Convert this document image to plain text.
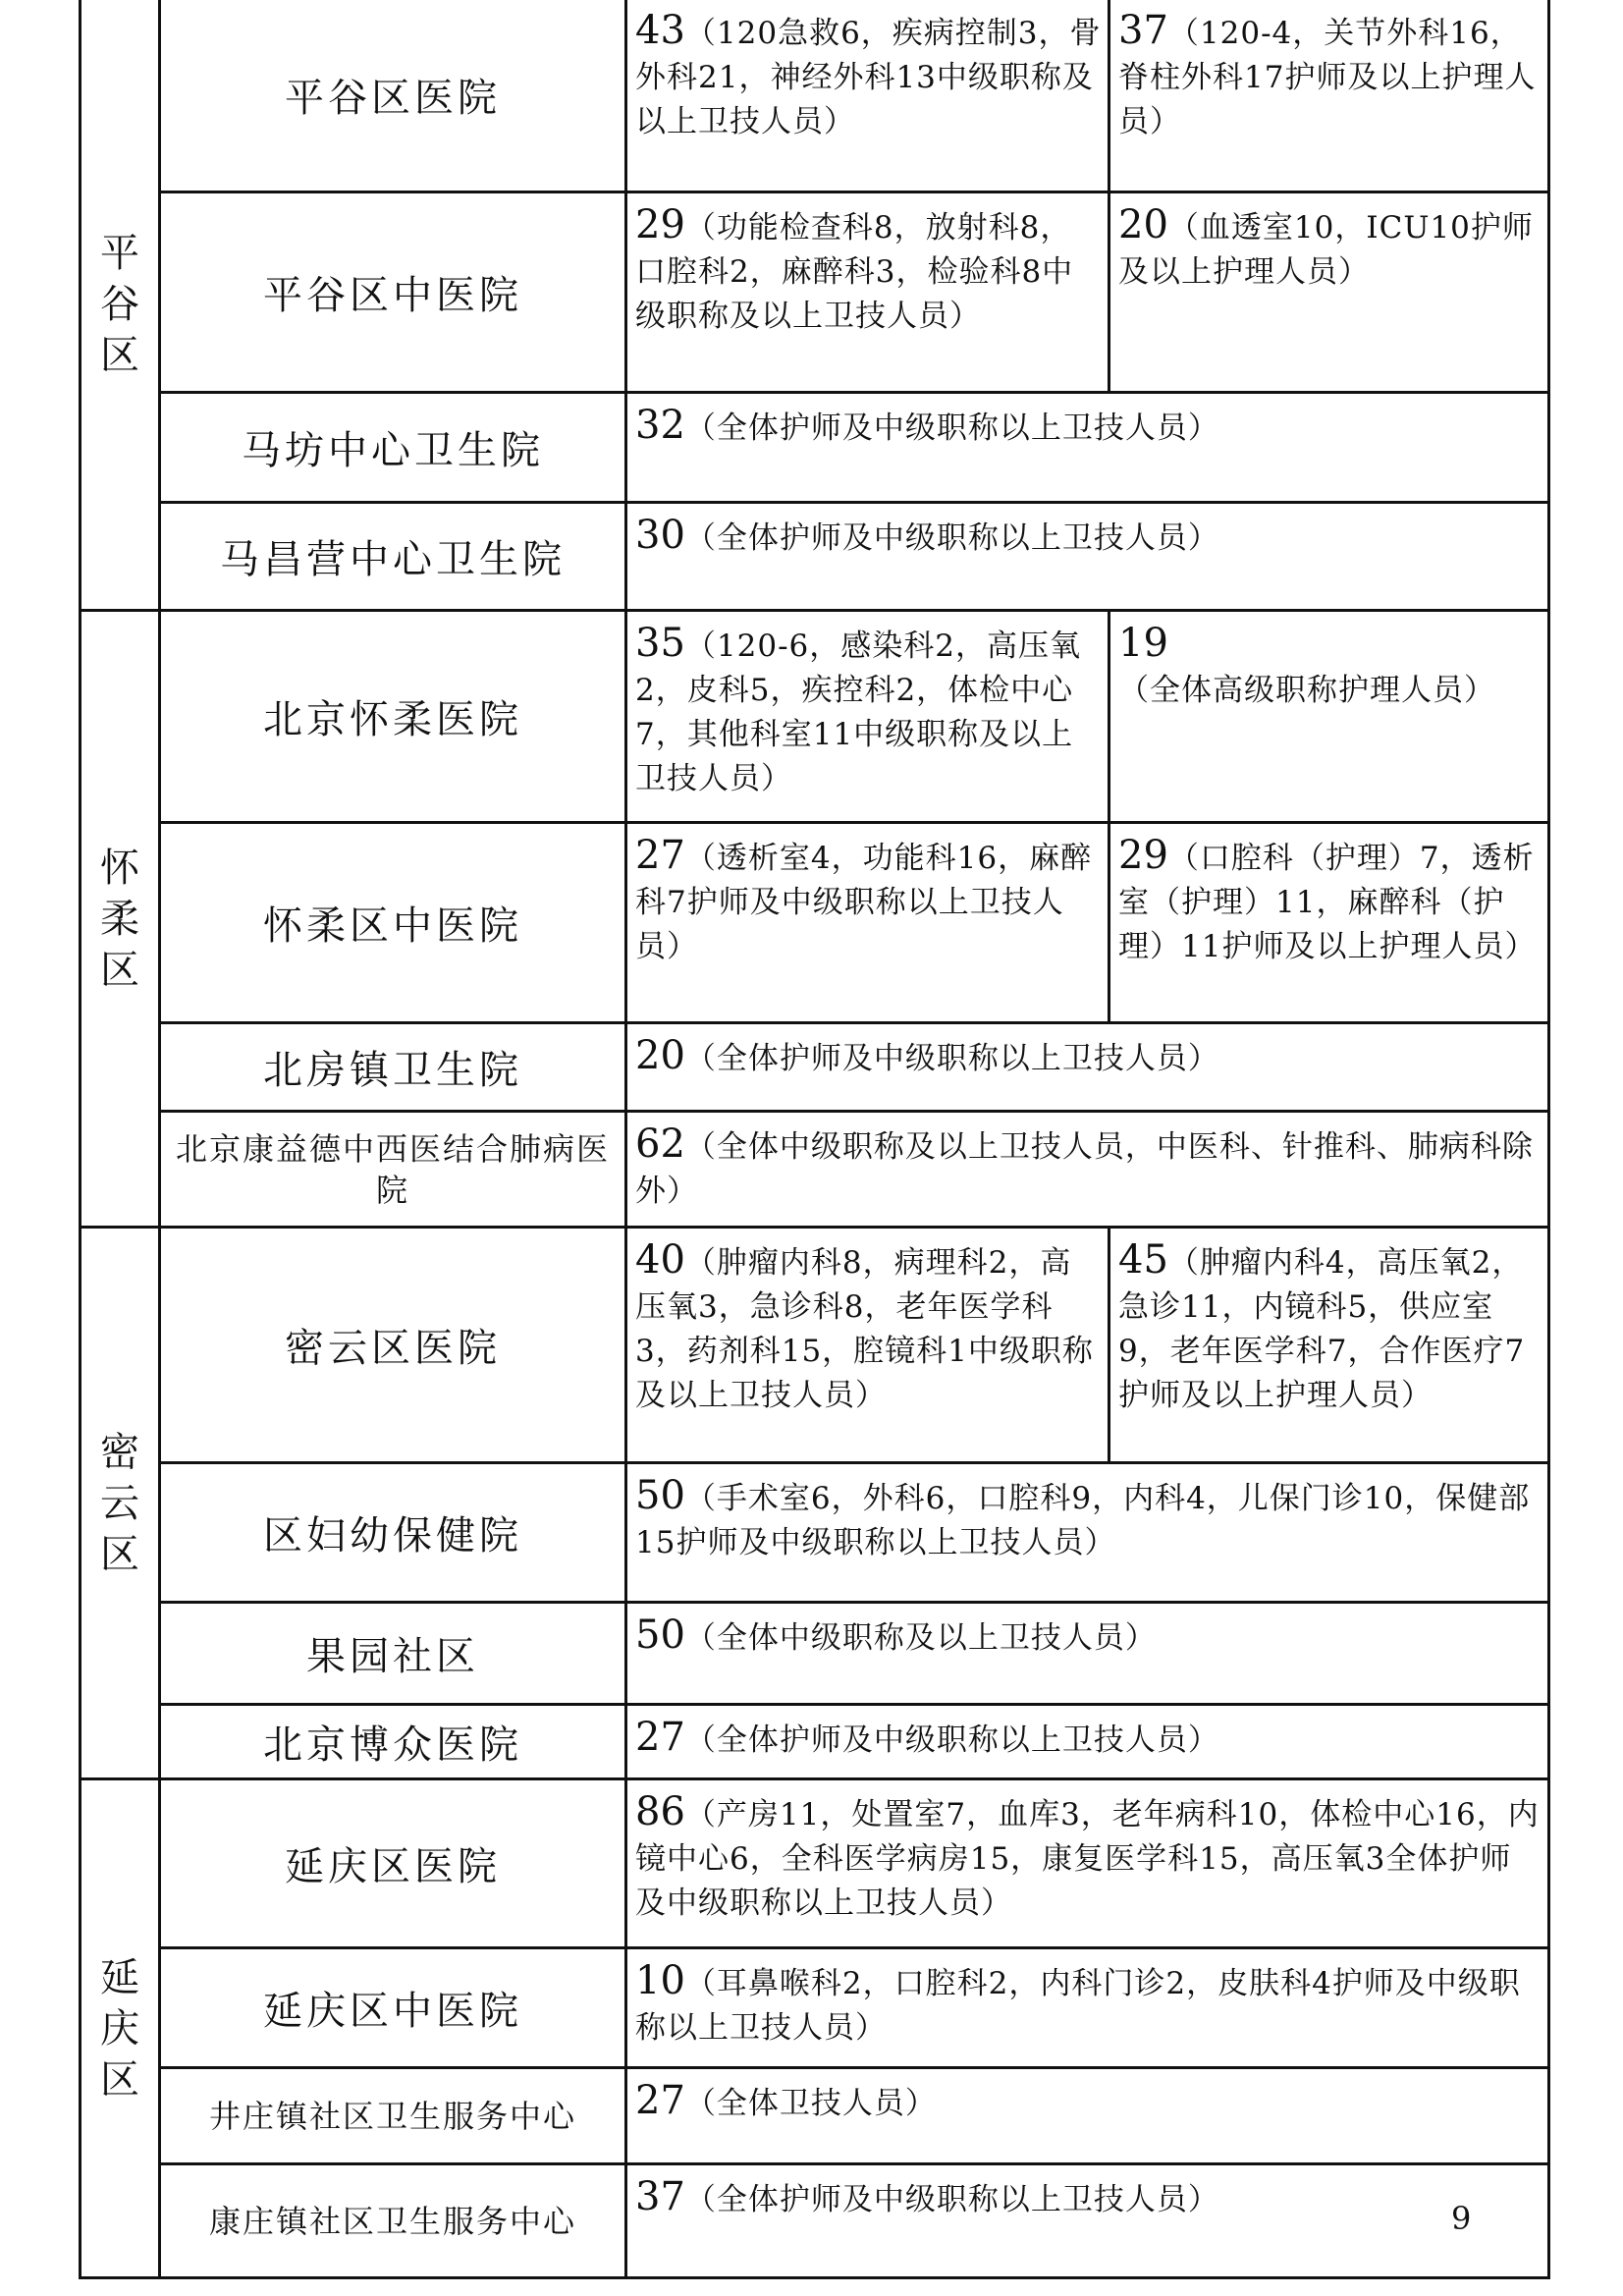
平
谷
区	平谷区医院	43（120急救6，疾病控制3，骨外科21，神经外科13中级职称及以上卫技人员）	37（120-4，关节外科16，脊柱外科17护师及以上护理人员）
	平谷区中医院	29（功能检查科8，放射科8，口腔科2，麻醉科3，检验科8中级职称及以上卫技人员）	20（血透室10，ICU10护师及以上护理人员）
	马坊中心卫生院	32（全体护师及中级职称以上卫技人员）	
	马昌营中心卫生院	30（全体护师及中级职称以上卫技人员）	

怀
柔
区	北京怀柔医院	35（120-6，感染科2，高压氧2，皮科5，疾控科2，体检中心7，其他科室11中级职称及以上卫技人员）	19（全体高级职称护理人员）
	怀柔区中医院	27（透析室4，功能科16，麻醉科7护师及中级职称以上卫技人员）	29（口腔科（护理）7，透析室（护理）11，麻醉科（护理）11护师及以上护理人员）
	北房镇卫生院	20（全体护师及中级职称以上卫技人员）	
	北京康益德中西医结合肺病医院	62（全体中级职称及以上卫技人员，中医科、针推科、肺病科除外）	

密
云
区	密云区医院	40（肿瘤内科8，病理科2，高压氧3，急诊科8，老年医学科3，药剂科15，腔镜科1中级职称及以上卫技人员）	45（肿瘤内科4，高压氧2，急诊11，内镜科5，供应室9，老年医学科7，合作医疗7护师及以上护理人员）
	区妇幼保健院	50（手术室6，外科6，口腔科9，内科4，儿保门诊10，保健部15护师及中级职称以上卫技人员）	
	果园社区	50（全体中级职称及以上卫技人员）	
	北京博众医院	27（全体护师及中级职称以上卫技人员）	

延
庆
区	延庆区医院	86（产房11，处置室7，血库3，老年病科10，体检中心16，内镜中心6，全科医学病房15，康复医学科15，高压氧3全体护师及中级职称以上卫技人员）	
	延庆区中医院	10（耳鼻喉科2，口腔科2，内科门诊2，皮肤科4护师及中级职称以上卫技人员）	
	井庄镇社区卫生服务中心	27（全体卫技人员）	
	康庄镇社区卫生服务中心	37（全体护师及中级职称以上卫技人员）		9
